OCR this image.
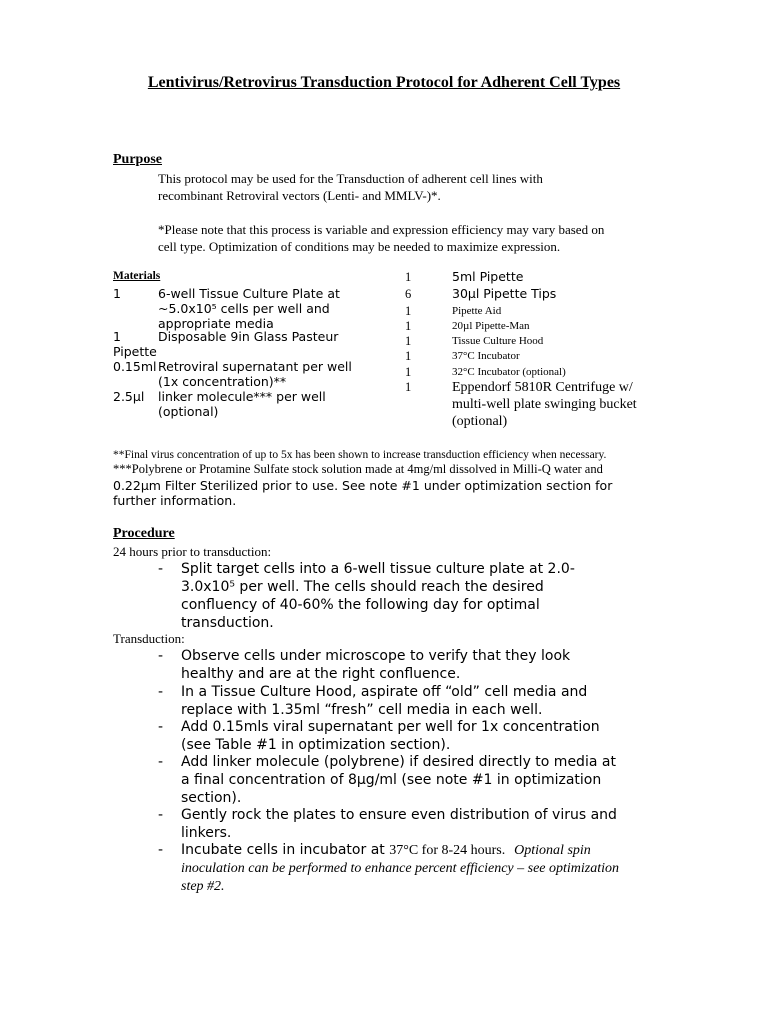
Lentivirus/Retrovirus Transduction Protocol for Adherent Cell Types
Purpose
This protocol may be used for the Transduction of adherent cell lines with
recombinant Retroviral vectors (Lenti- and MMLV-)*.
*Please note that this process is variable and expression efficiency may vary based on
cell type. Optimization of conditions may be needed to maximize expression.
Materials
1	6-well Tissue Culture Plate at
~5.0x10⁵ cells per well and
appropriate media
1	Disposable 9in Glass Pasteur
Pipette
0.15ml Retroviral supernatant per well
(1x concentration)**
2.5µl linker molecule*** per well
(optional)
1	5ml Pipette
6	30µl Pipette Tips
1	Pipette Aid
1	20µl Pipette-Man
1	Tissue Culture Hood
1	37°C Incubator
1	32°C Incubator (optional)
1	Eppendorf 5810R Centrifuge w/
multi-well plate swinging bucket
(optional)
**Final virus concentration of up to 5x has been shown to increase transduction efficiency when necessary.
***Polybrene or Protamine Sulfate stock solution made at 4mg/ml dissolved in Milli-Q water and
0.22µm Filter Sterilized prior to use. See note #1 under optimization section for
further information.
Procedure
24 hours prior to transduction:
- Split target cells into a 6-well tissue culture plate at 2.0-
3.0x10⁵ per well. The cells should reach the desired
confluency of 40-60% the following day for optimal
transduction.
Transduction:
- Observe cells under microscope to verify that they look
healthy and are at the right confluence.
- In a Tissue Culture Hood, aspirate off “old” cell media and
replace with 1.35ml “fresh” cell media in each well.
- Add 0.15mls viral supernatant per well for 1x concentration
(see Table #1 in optimization section).
- Add linker molecule (polybrene) if desired directly to media at
a final concentration of 8µg/ml (see note #1 in optimization
section).
- Gently rock the plates to ensure even distribution of virus and
linkers.
- Incubate cells in incubator at 37°C for 8-24 hours. Optional spin
inoculation can be performed to enhance percent efficiency – see optimization
step #2.
